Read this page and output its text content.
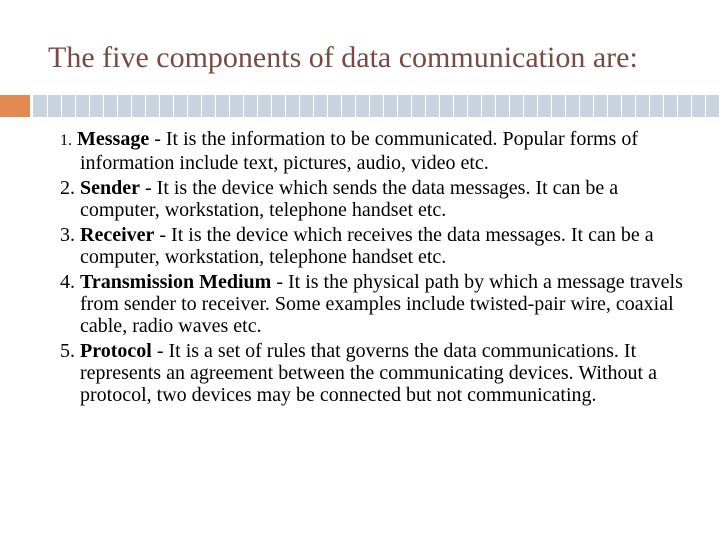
The five components of data communication are:
1. Message - It is the information to be communicated. Popular forms of information include text, pictures, audio, video etc.
2. Sender - It is the device which sends the data messages. It can be a computer, workstation, telephone handset etc.
3. Receiver - It is the device which receives the data messages. It can be a computer, workstation, telephone handset etc.
4. Transmission Medium - It is the physical path by which a message travels from sender to receiver. Some examples include twisted-pair wire, coaxial cable, radio waves etc.
5. Protocol - It is a set of rules that governs the data communications. It represents an agreement between the communicating devices. Without a protocol, two devices may be connected but not communicating.
